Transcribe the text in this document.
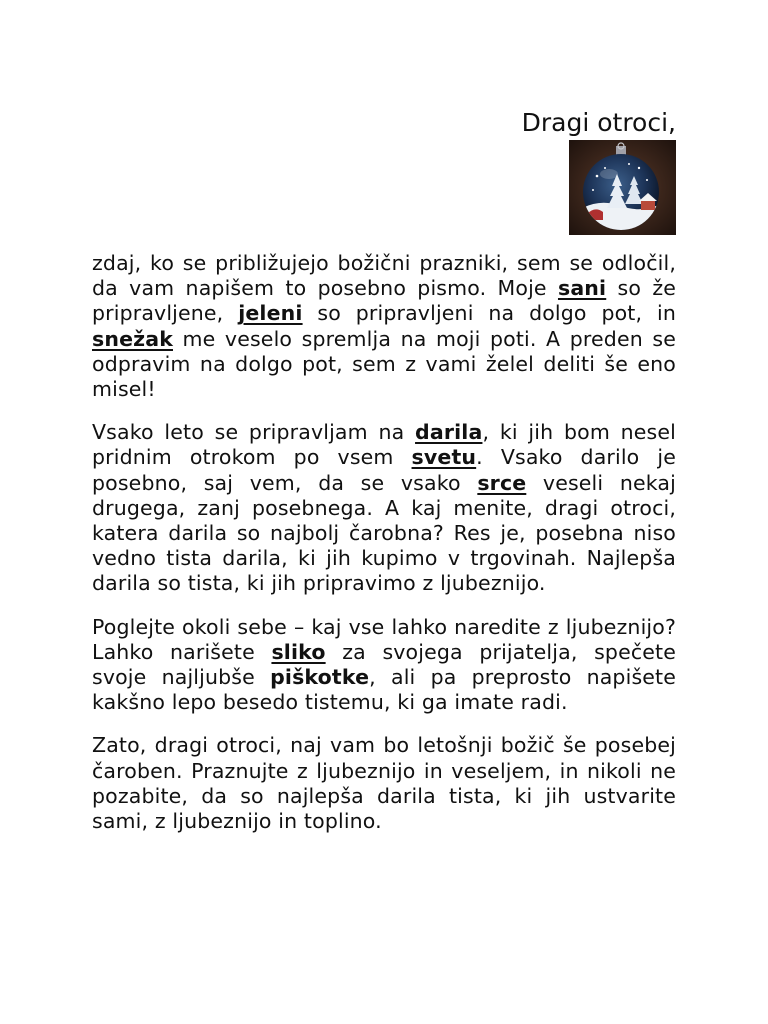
Dragi otroci,

zdaj, ko se približujejo božični prazniki, sem se odločil, da vam napišem to posebno pismo. Moje sani so že pripravljene, jeleni so pripravljeni na dolgo pot, in snežak me veselo spremlja na moji poti. A preden se odpravim na dolgo pot, sem z vami želel deliti še eno misel!

Vsako leto se pripravljam na darila, ki jih bom nesel pridnim otrokom po vsem svetu. Vsako darilo je posebno, saj vem, da se vsako srce veseli nekaj drugega, zanj posebnega. A kaj menite, dragi otroci, katera darila so najbolj čarobna? Res je, posebna niso vedno tista darila, ki jih kupimo v trgovinah. Najlepša darila so tista, ki jih pripravimo z ljubeznijo.

Poglejte okoli sebe – kaj vse lahko naredite z ljubeznijo? Lahko narišete sliko za svojega prijatelja, spečete svoje najljubše piškotke, ali pa preprosto napišete kakšno lepo besedo tistemu, ki ga imate radi.

Zato, dragi otroci, naj vam bo letošnji božič še posebej čaroben. Praznujte z ljubeznijo in veseljem, in nikoli ne pozabite, da so najlepša darila tista, ki jih ustvarite sami, z ljubeznijo in toplino.
